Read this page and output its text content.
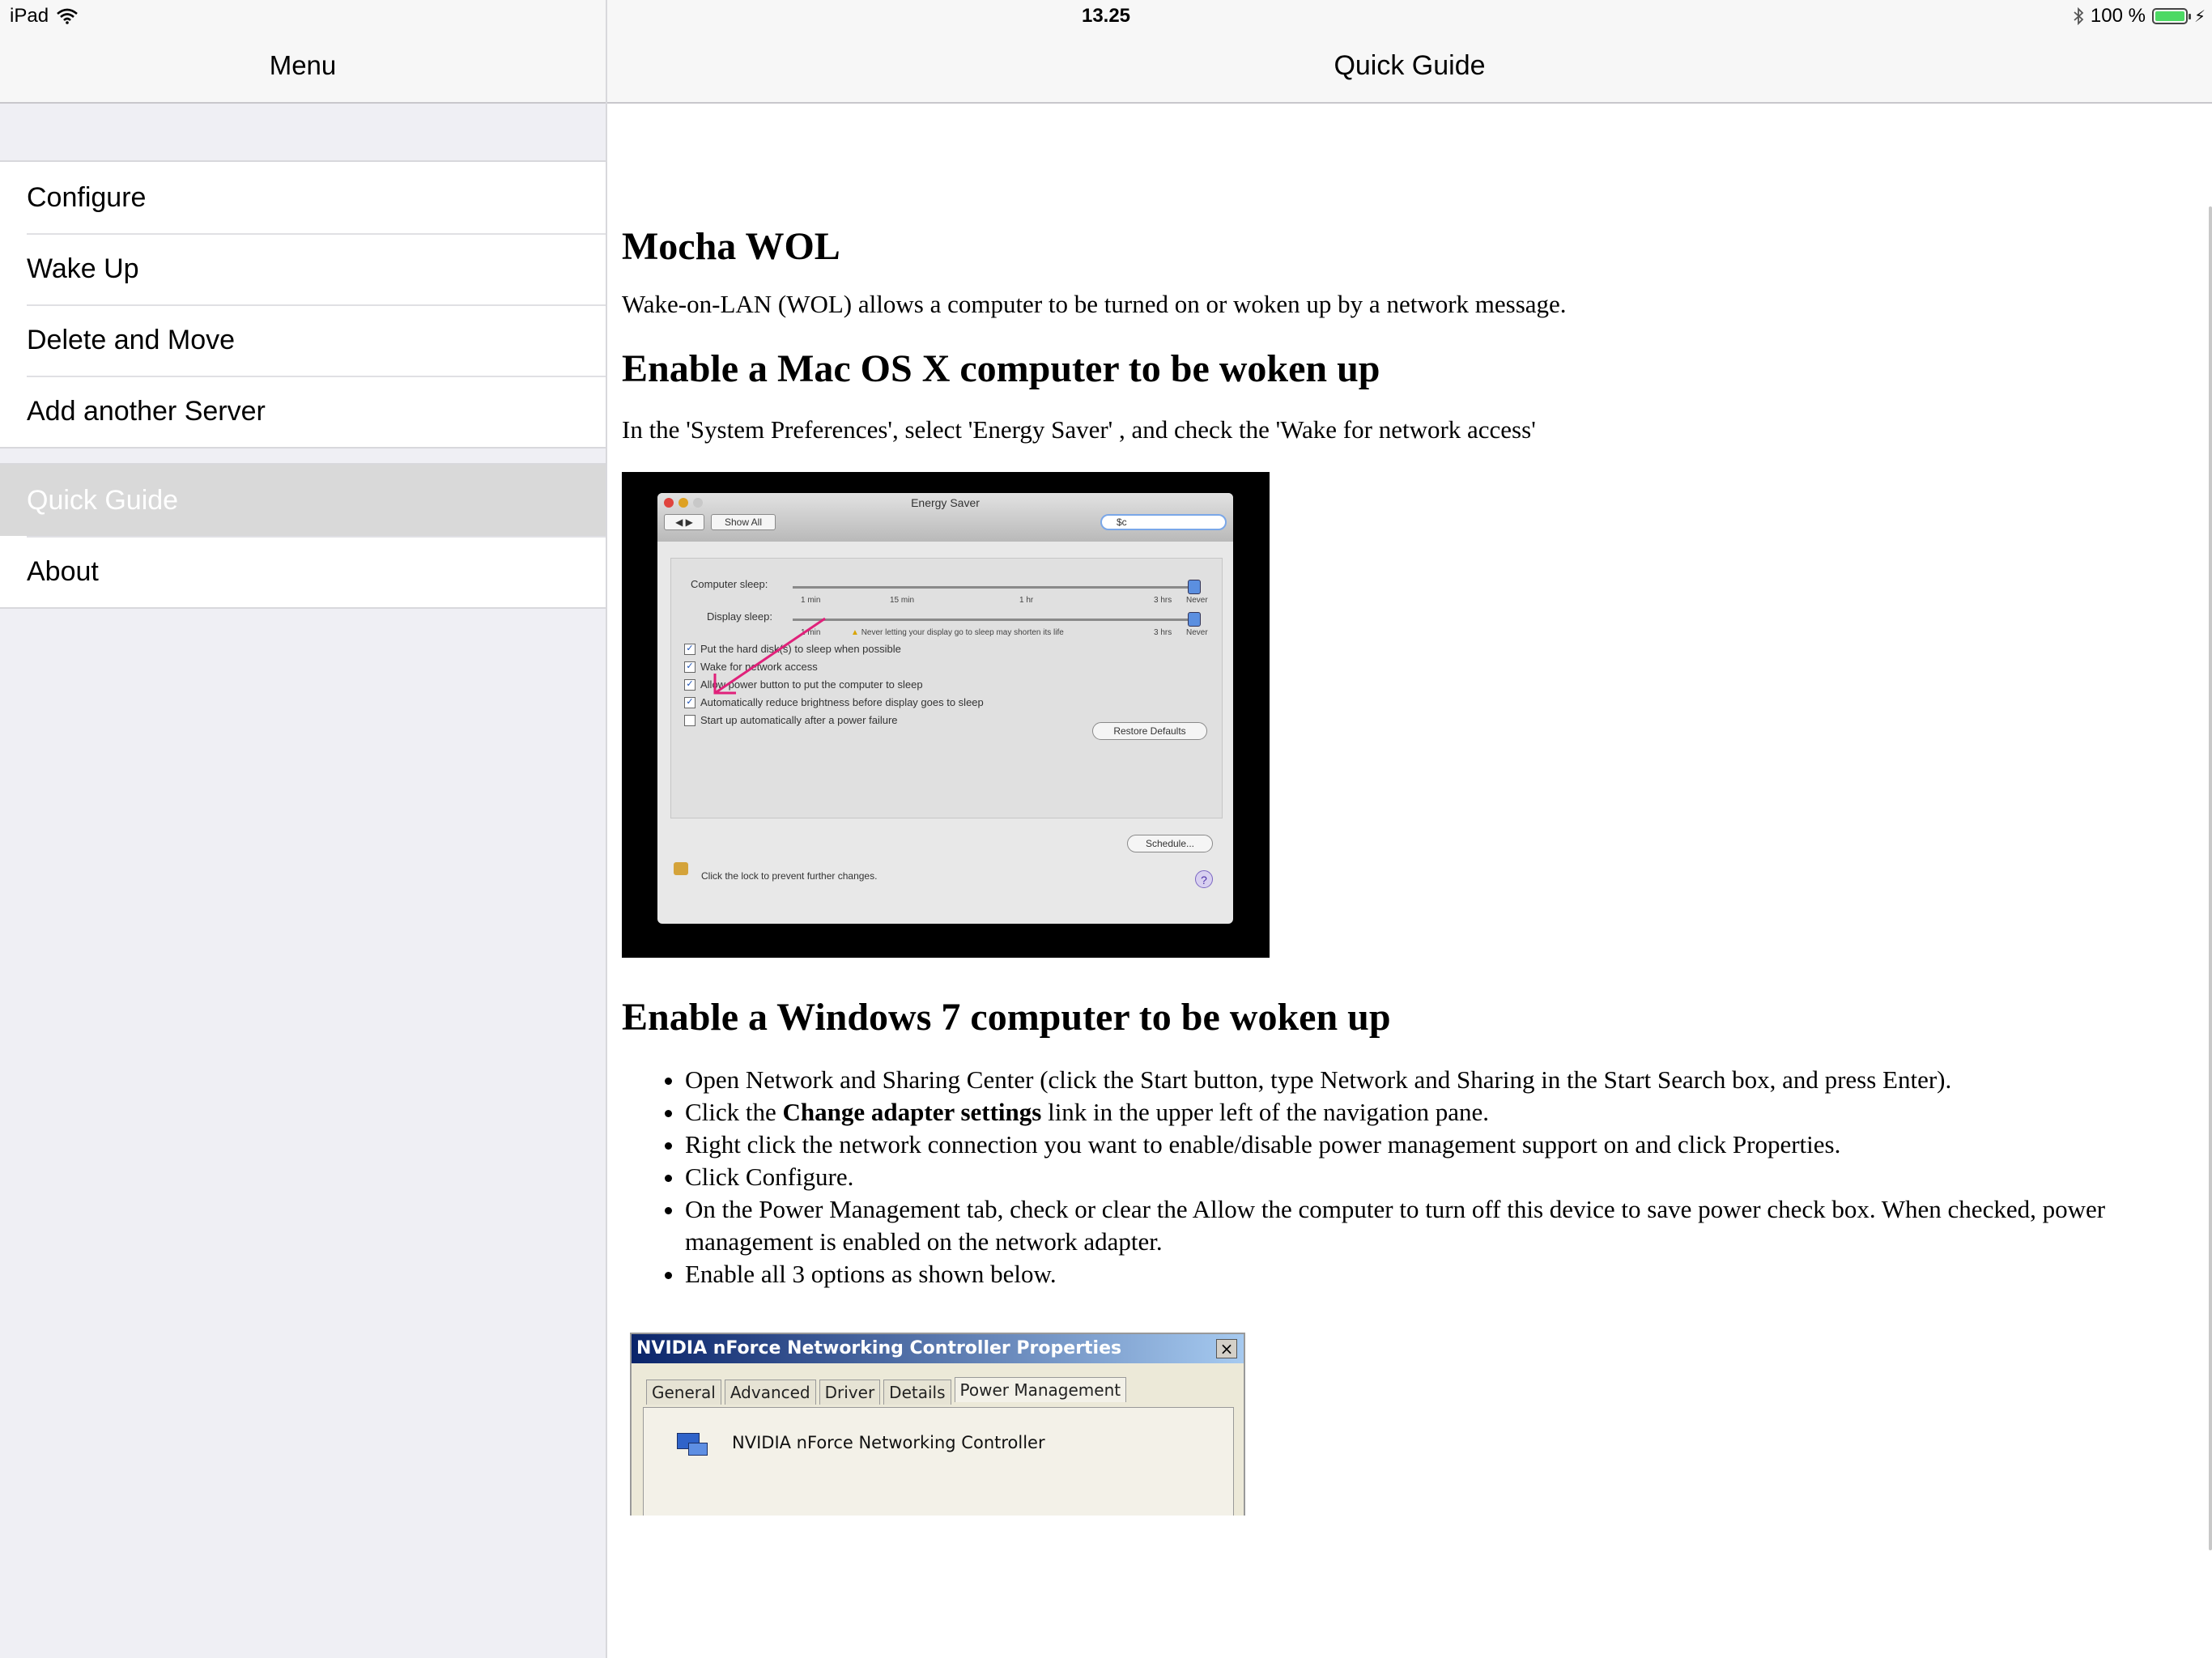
Menu
Configure
Wake Up
Delete and Move
Add another Server
Quick Guide
About
Quick Guide
Mocha WOL

Wake-on-LAN (WOL) allows a computer to be turned on or woken up by a network message.

Enable a Mac OS X computer to be woken up

In the 'System Preferences', select 'Energy Saver' , and check the 'Wake for network access'

Energy Saver
◀ ▶	Show All	$c
Computer sleep:
1 min	15 min	1 hr	3 hrs Never
Display sleep:
1 min	▲ Never letting your display go to sleep may shorten its life	3 hrs Never
✓ Put the hard disk(s) to sleep when possible
✓ Wake for network access
✓ Allow power button to put the computer to sleep
✓ Automatically reduce brightness before display goes to sleep
Start up automatically after a power failure
Restore Defaults
Schedule...
Click the lock to prevent further changes.	?
Enable a Windows 7 computer to be woken up
• Open Network and Sharing Center (click the Start button, type Network and Sharing in the Start Search box, and press Enter).
• Click the Change adapter settings link in the upper left of the navigation pane.
• Right click the network connection you want to enable/disable power management support on and click Properties.
• Click Configure.
• On the Power Management tab, check or clear the Allow the computer to turn off this device to save power check box. When checked, power management is enabled on the network adapter.
• Enable all 3 options as shown below.
NVIDIA nForce Networking Controller Properties	×
General Advanced Driver Details Power Management
NVIDIA nForce Networking Controller
iPad	13.25	100 %	⚡
